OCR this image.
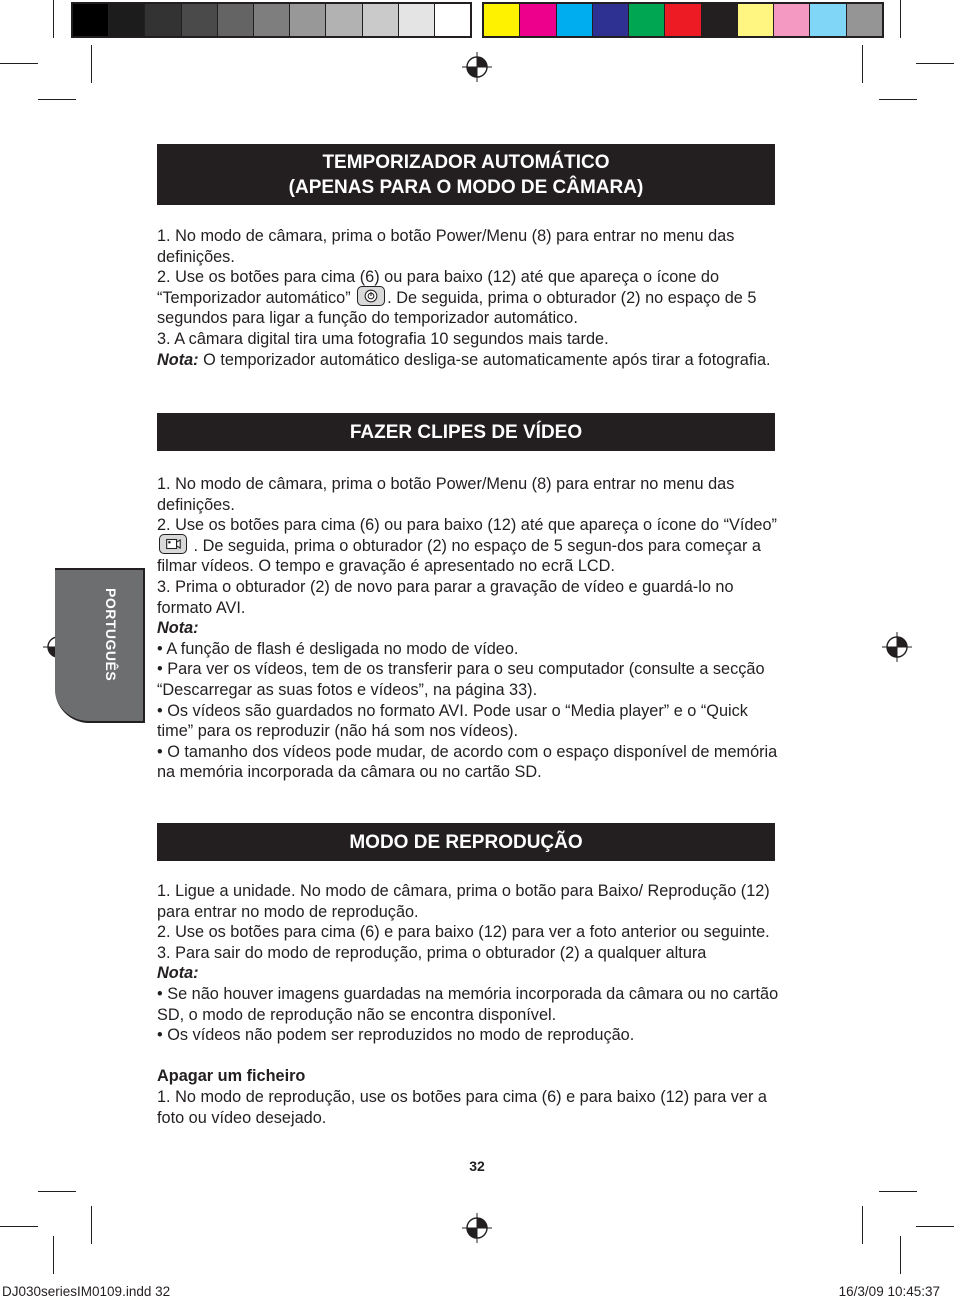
PORTUGUÊS
TEMPORIZADOR AUTOMÁTICO
(APENAS PARA O MODO DE CÂMARA)

1. No modo de câmara, prima o botão Power/Menu (8) para entrar no menu das definições.

2. Use os botões para cima (6) ou para baixo (12) até que apareça o ícone do “Temporizador automático”
. De seguida, prima o obturador (2) no espaço de 5 segundos para ligar a função do temporizador automático.

3. A câmara digital tira uma fotografia 10 segundos mais tarde.

Nota: O temporizador automático desliga-se automaticamente após tirar a fotografia.

FAZER CLIPES DE VÍDEO

1. No modo de câmara, prima o botão Power/Menu (8) para entrar no menu das definições.

2. Use os botões para cima (6) ou para baixo (12) até que apareça o ícone do “Vídeo”
. De seguida, prima o obturador (2) no espaço de 5 segun-dos para começar a filmar vídeos. O tempo e gravação é apresentado no ecrã LCD.

3. Prima o obturador (2) de novo para parar a gravação de vídeo e guardá-lo no formato AVI.

Nota:

• A função de flash é desligada no modo de vídeo.

• Para ver os vídeos, tem de os transferir para o seu computador (consulte a secção “Descarregar as suas fotos e vídeos”, na página 33).

• Os vídeos são guardados no formato AVI. Pode usar o “Media player” e o “Quick time” para os reproduzir (não há som nos vídeos).

• O tamanho dos vídeos pode mudar, de acordo com o espaço disponível de memória na memória incorporada da câmara ou no cartão SD.

MODO DE REPRODUÇÃO

1. Ligue a unidade. No modo de câmara, prima o botão para Baixo/ Reprodução (12) para entrar no modo de reprodução.

2. Use os botões para cima (6) e para baixo (12) para ver a foto anterior ou seguinte.

3. Para sair do modo de reprodução, prima o obturador (2) a qualquer altura

Nota:

• Se não houver imagens guardadas na memória incorporada da câmara ou no cartão SD, o modo de reprodução não se encontra disponível.

• Os vídeos não podem ser reproduzidos no modo de reprodução.

Apagar um ficheiro

1. No modo de reprodução, use os botões para cima (6) e para baixo (12) para ver a foto ou vídeo desejado.

32
DJ030seriesIM0109.indd 32	16/3/09 10:45:37
